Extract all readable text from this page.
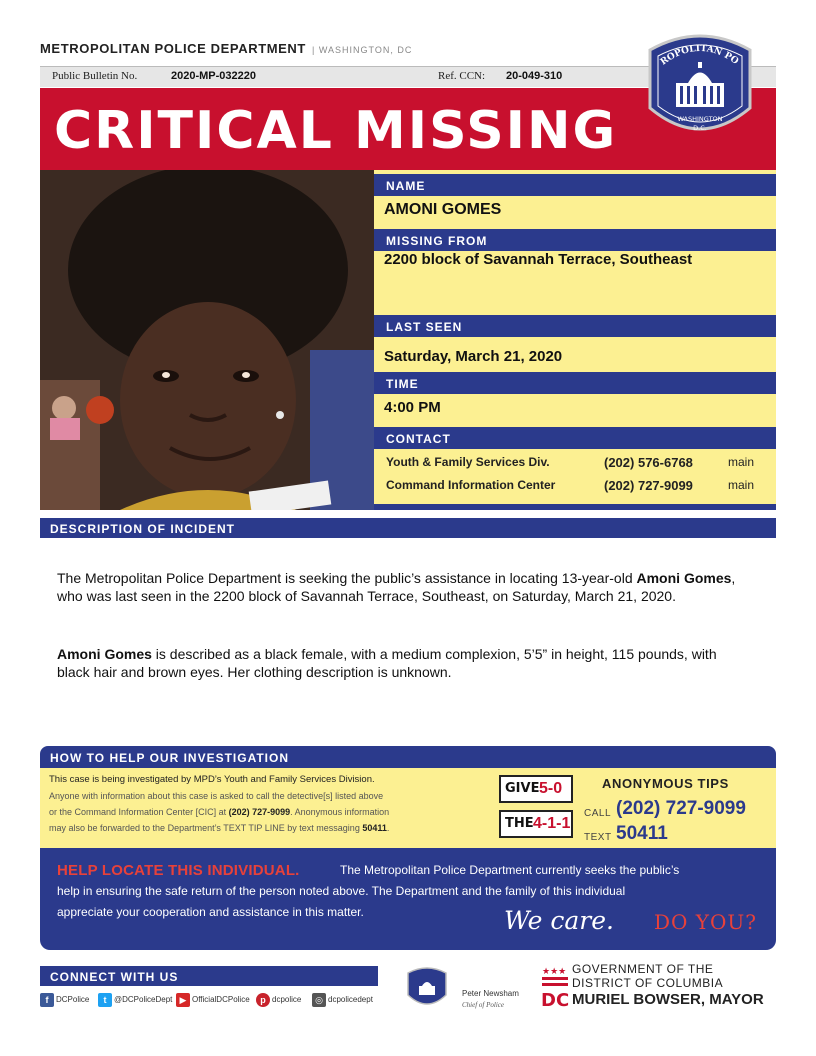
METROPOLITAN POLICE DEPARTMENT | WASHINGTON, DC
Public Bulletin No.	2020-MP-032220	Ref. CCN: 20-049-310
CRITICAL MISSING
ROPOLITAN PO
WASHINGTON
D.C.
NAME
AMONI GOMES
MISSING FROM
2200 block of Savannah Terrace, Southeast
LAST SEEN
Saturday, March 21, 2020
TIME
4:00 PM
CONTACT
Youth & Family Services Div.	(202) 576-6768	main
Command Information Center	(202) 727-9099	main
DESCRIPTION OF INCIDENT
The Metropolitan Police Department is seeking the public’s assistance in locating 13-year-old Amoni Gomes, who was last seen in the 2200 block of Savannah Terrace, Southeast, on Saturday, March 21, 2020.
Amoni Gomes is described as a black female, with a medium complexion, 5’5” in height, 115 pounds, with black hair and brown eyes. Her clothing description is unknown.
HOW TO HELP OUR INVESTIGATION
This case is being investigated by MPD’s Youth and Family Services Division.
Anyone with information about this case is asked to call the detective[s] listed above
or the Command Information Center [CIC] at (202) 727-9099. Anonymous information
may also be forwarded to the Department’s TEXT TIP LINE by text messaging 50411.
GIVE 5-0
THE 4-1-1
ANONYMOUS TIPS
CALL (202) 727-9099
TEXT 50411
HELP LOCATE THIS INDIVIDUAL.	The Metropolitan Police Department currently seeks the public’s
help in ensuring the safe return of the person noted above. The Department and the family of this individual
appreciate your cooperation and assistance in this matter.	We care. DO YOU?
CONNECT WITH US
f DCPolice	t @DCPoliceDept ▶ OfficialDCPolice	p dcpolice	◎ dcpolicedept
Peter Newsham
Chief of Police
★★★
DC
GOVERNMENT OF THE
DISTRICT OF COLUMBIA
MURIEL BOWSER, MAYOR
